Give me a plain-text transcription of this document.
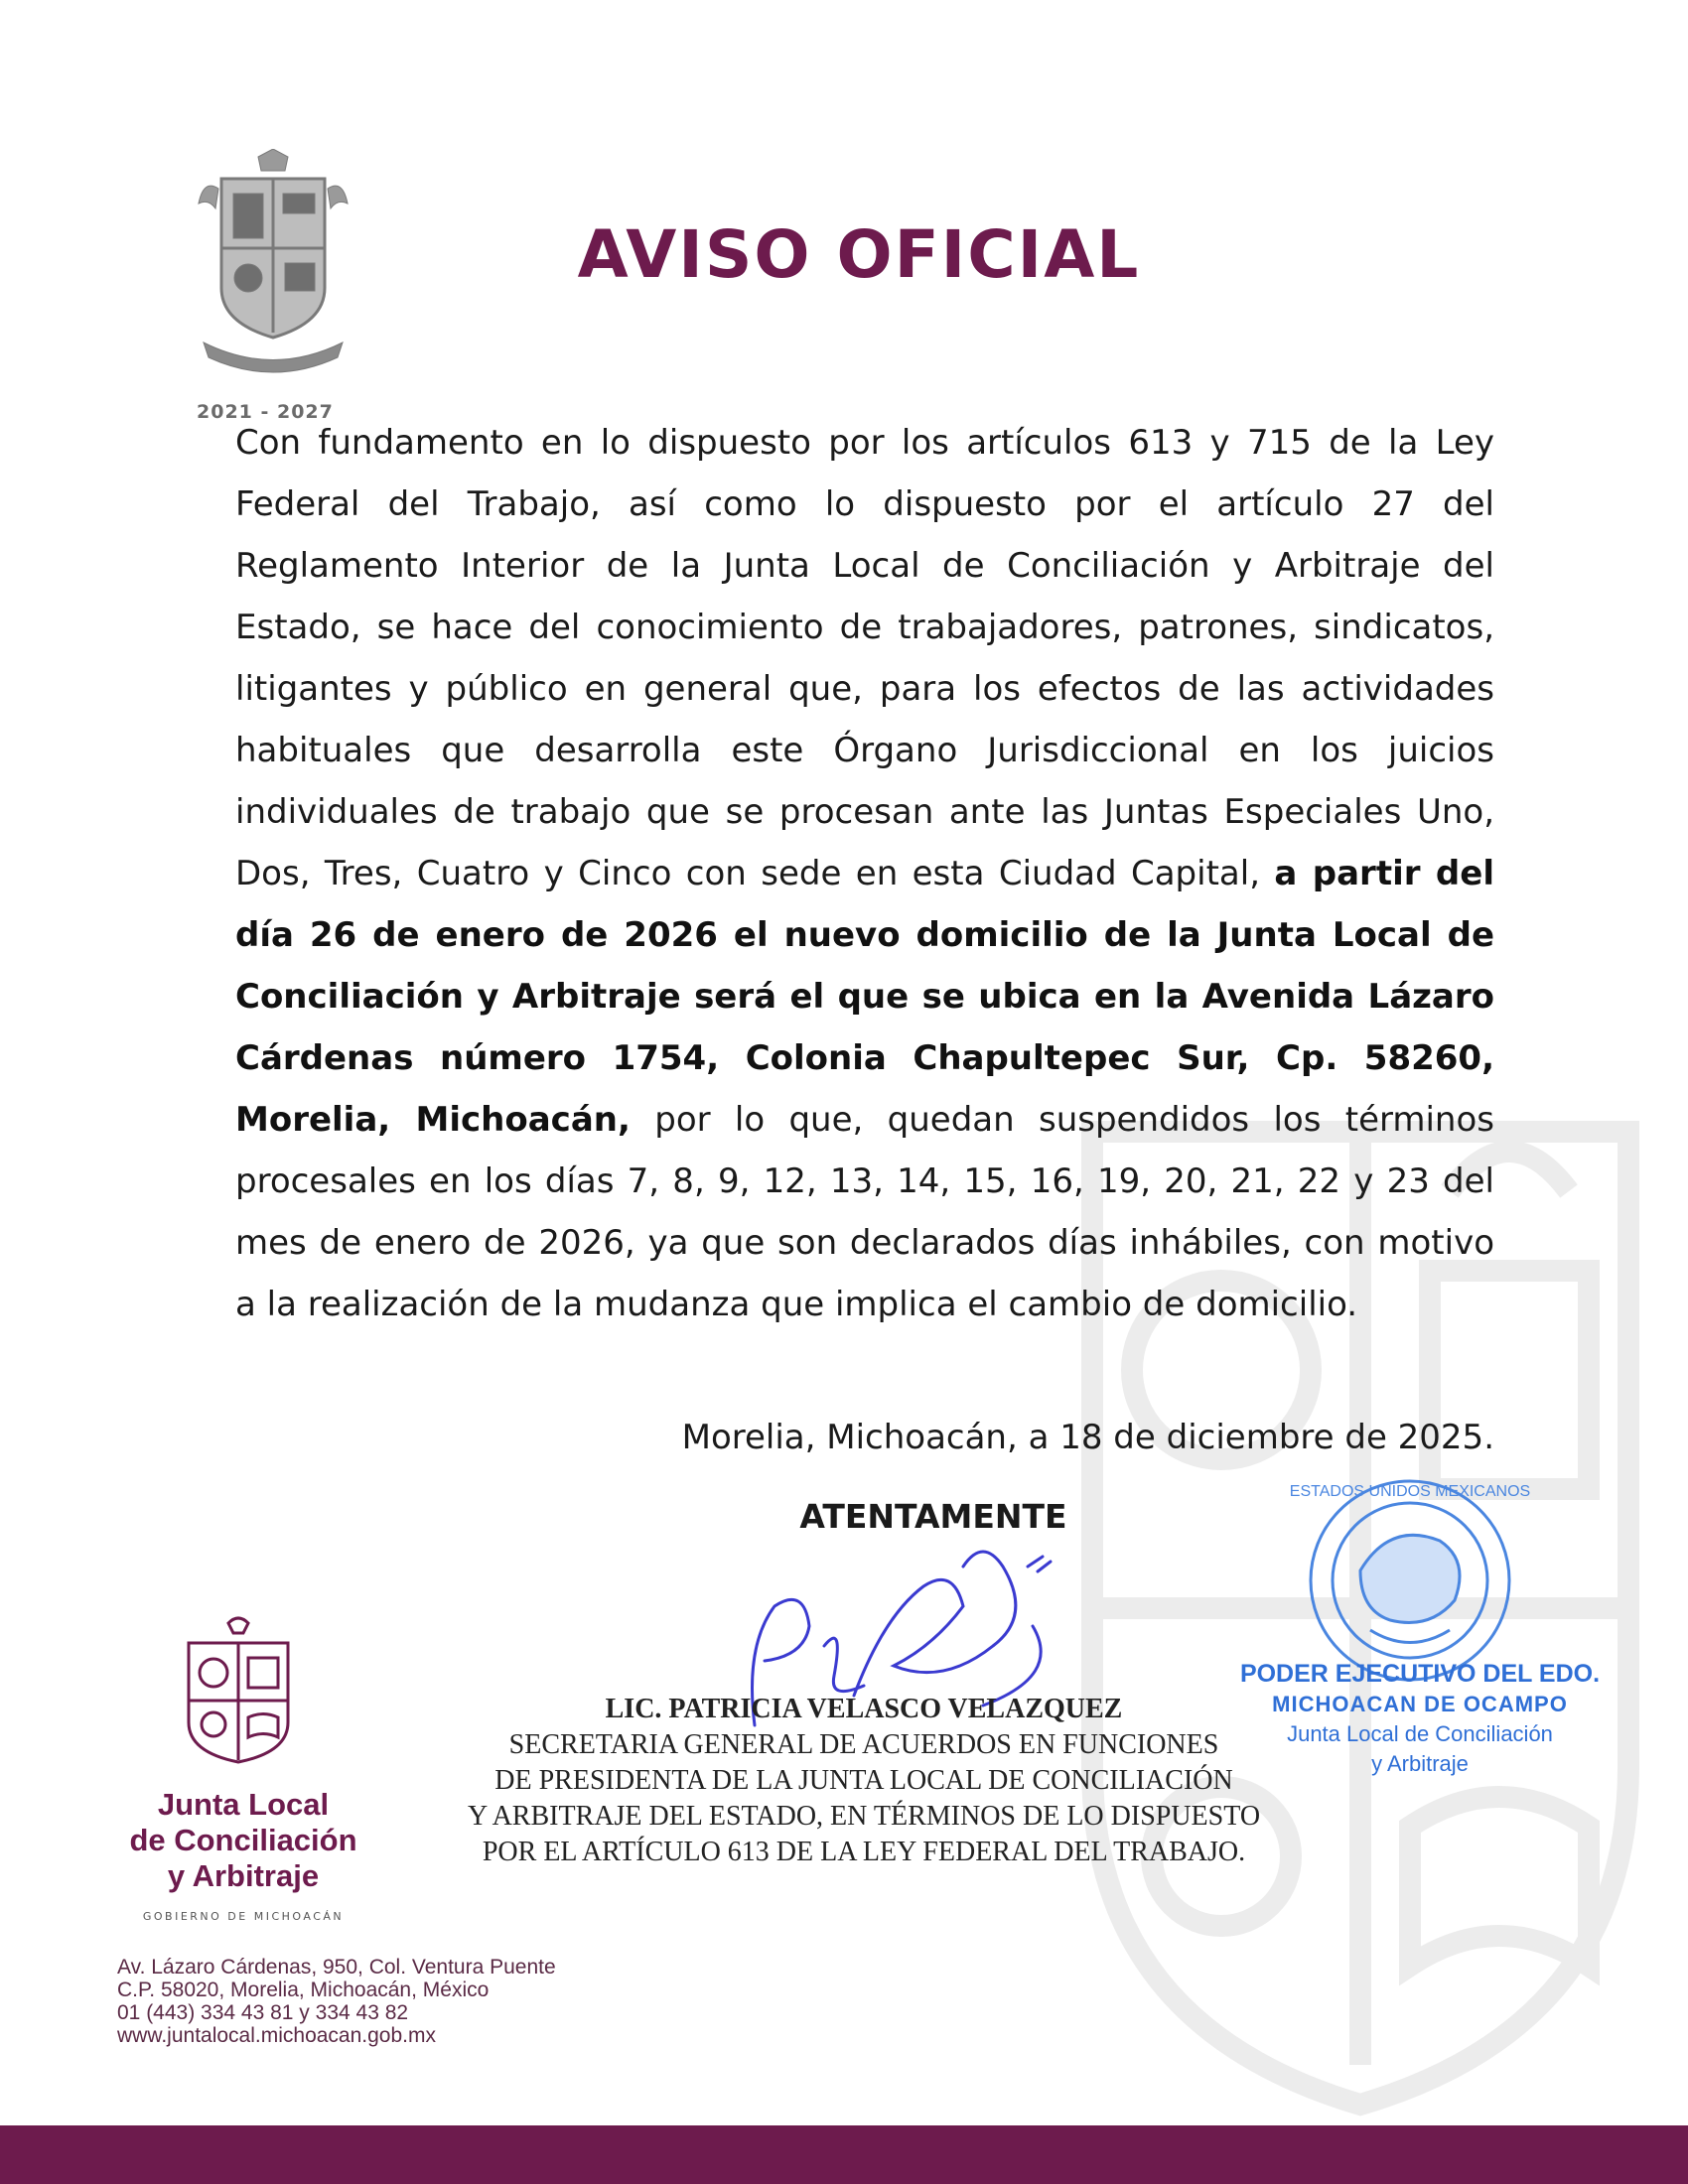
2021 - 2027
AVISO OFICIAL
Con fundamento en lo dispuesto por los artículos 613 y 715 de la Ley Federal del Trabajo, así como lo dispuesto por el artículo 27 del Reglamento Interior de la Junta Local de Conciliación y Arbitraje del Estado, se hace del conocimiento de trabajadores, patrones, sindicatos, litigantes y público en general que, para los efectos de las actividades habituales que desarrolla este Órgano Jurisdiccional en los juicios individuales de trabajo que se procesan ante las Juntas Especiales Uno, Dos, Tres, Cuatro y Cinco con sede en esta Ciudad Capital, a partir del día 26 de enero de 2026 el nuevo domicilio de la Junta Local de Conciliación y Arbitraje será el que se ubica en la Avenida Lázaro Cárdenas número 1754, Colonia Chapultepec Sur, Cp. 58260, Morelia, Michoacán, por lo que, quedan suspendidos los términos procesales en los días 7, 8, 9, 12, 13, 14, 15, 16, 19, 20, 21, 22 y 23 del mes de enero de 2026, ya que son declarados días inhábiles, con motivo a la realización de la mudanza que implica el cambio de domicilio.
Morelia, Michoacán, a 18 de diciembre de 2025.
ATENTAMENTE
ESTADOS UNIDOS MEXICANOS
PODER EJECUTIVO DEL EDO.
MICHOACAN DE OCAMPO
Junta Local de Conciliación
y Arbitraje
LIC. PATRICIA VELASCO VELAZQUEZ
SECRETARIA GENERAL DE ACUERDOS EN FUNCIONES
DE PRESIDENTA DE LA JUNTA LOCAL DE CONCILIACIÓN
Y ARBITRAJE DEL ESTADO, EN TÉRMINOS DE LO DISPUESTO
POR EL ARTÍCULO 613 DE LA LEY FEDERAL DEL TRABAJO.
Junta Local
de Conciliación
y Arbitraje
GOBIERNO DE MICHOACÁN
Av. Lázaro Cárdenas, 950, Col. Ventura Puente
C.P. 58020, Morelia, Michoacán, México
01 (443) 334 43 81 y 334 43 82
www.juntalocal.michoacan.gob.mx
